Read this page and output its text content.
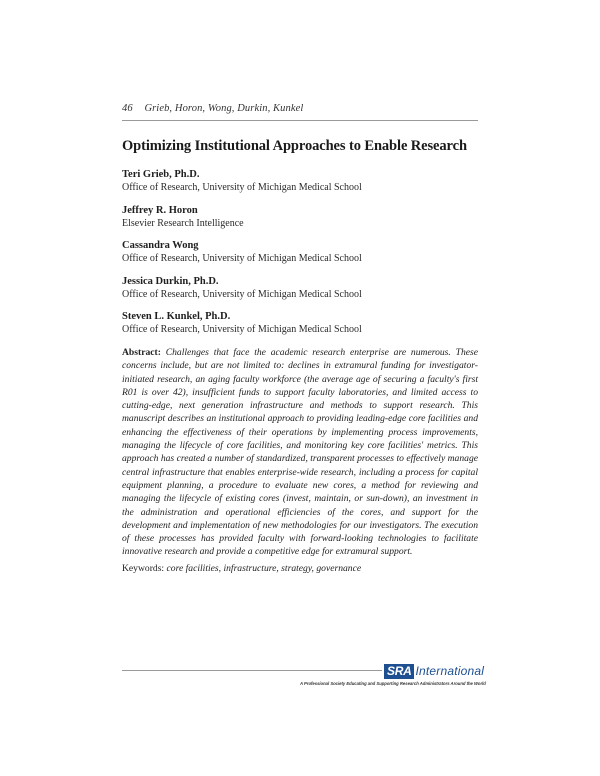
46 Grieb, Horon, Wong, Durkin, Kunkel
Optimizing Institutional Approaches to Enable Research
Teri Grieb, Ph.D.
Office of Research, University of Michigan Medical School
Jeffrey R. Horon
Elsevier Research Intelligence
Cassandra Wong
Office of Research, University of Michigan Medical School
Jessica Durkin, Ph.D.
Office of Research, University of Michigan Medical School
Steven L. Kunkel, Ph.D.
Office of Research, University of Michigan Medical School
Abstract: Challenges that face the academic research enterprise are numerous. These concerns include, but are not limited to: declines in extramural funding for investigator-initiated research, an aging faculty workforce (the average age of securing a faculty's first R01 is over 42), insufficient funds to support faculty laboratories, and limited access to cutting-edge, next generation infrastructure and methods to support research. This manuscript describes an institutional approach to providing leading-edge core facilities and enhancing the effectiveness of their operations by implementing process improvements, managing the lifecycle of core facilities, and monitoring key core facilities' metrics. This approach has created a number of standardized, transparent processes to effectively manage central infrastructure that enables enterprise-wide research, including a process for capital equipment planning, a procedure to evaluate new cores, a method for reviewing and managing the lifecycle of existing cores (invest, maintain, or sun-down), an investment in the administration and operational efficiencies of the cores, and support for the development and implementation of new methodologies for our investigators. The execution of these processes has provided faculty with forward-looking technologies to facilitate innovative research and provide a competitive edge for extramural support.
Keywords: core facilities, infrastructure, strategy, governance
SRA International
A Professional Society Educating and Supporting Research Administrators Around the World
